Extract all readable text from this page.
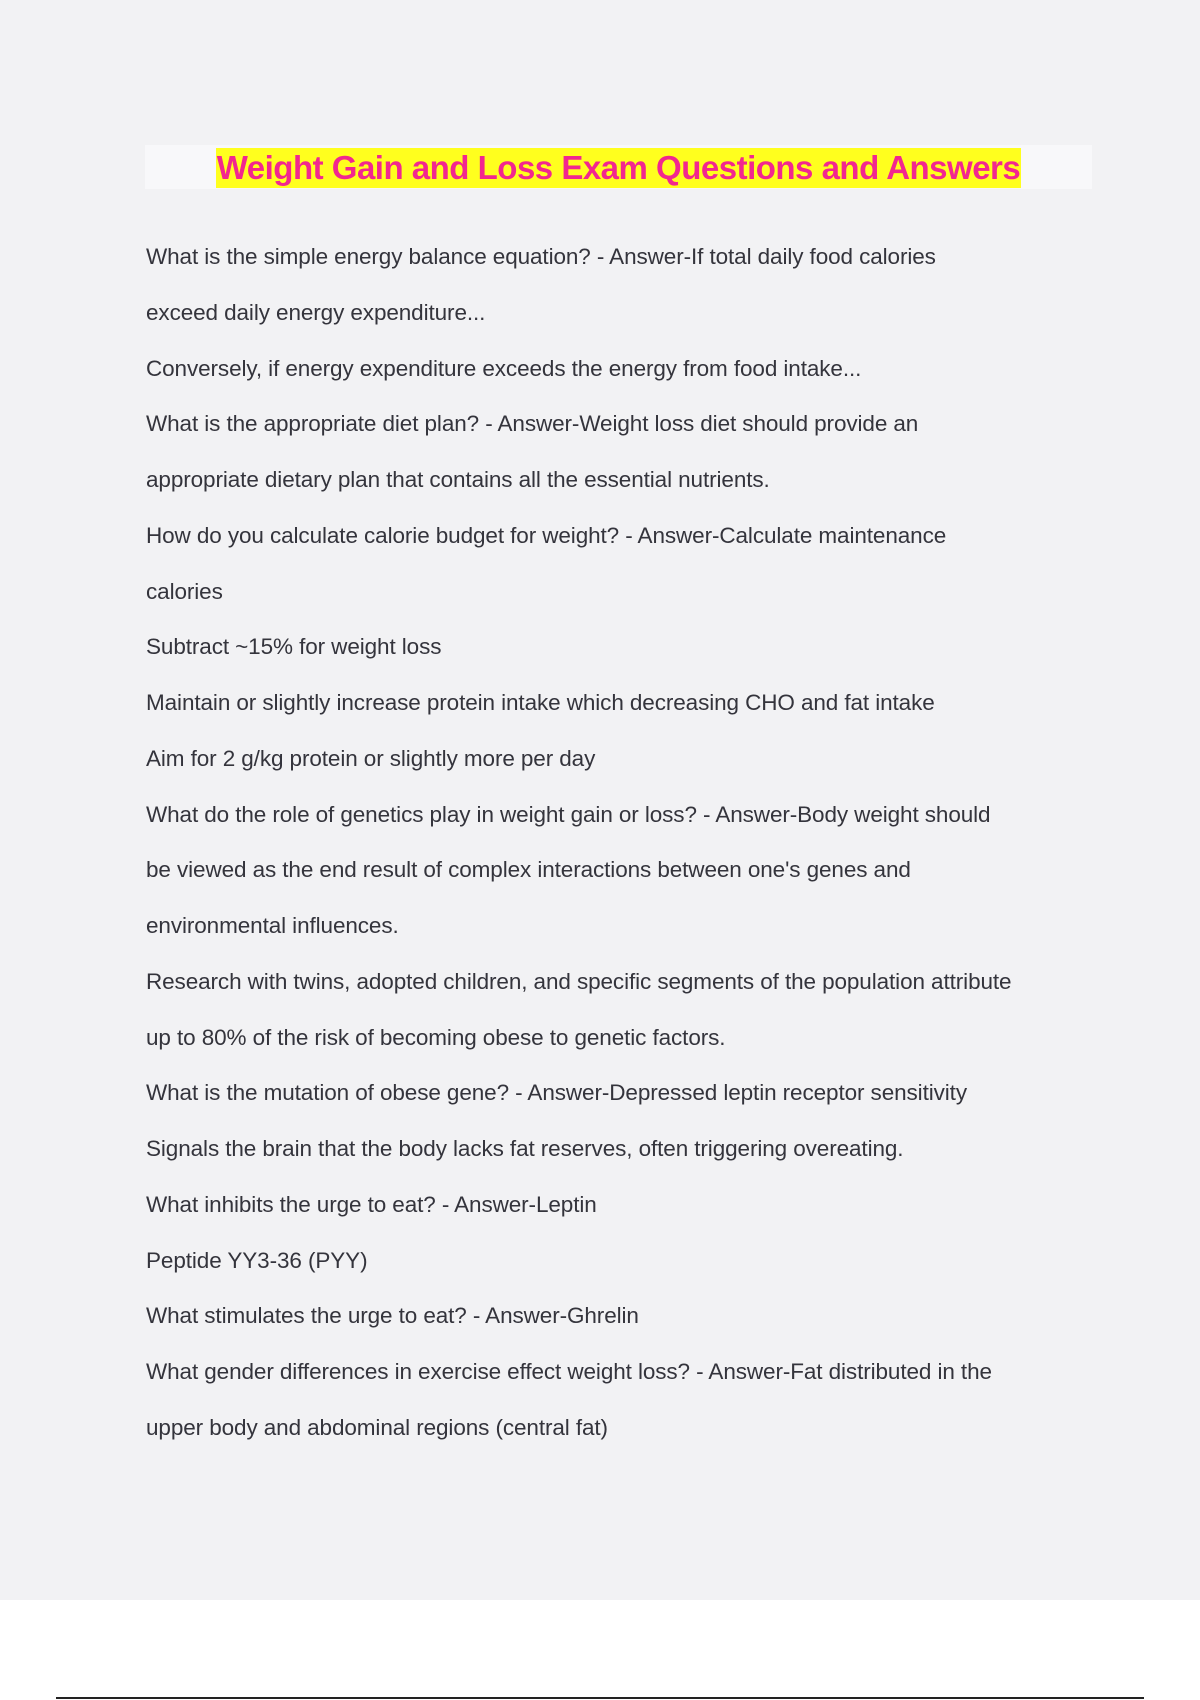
Weight Gain and Loss Exam Questions and Answers
What is the simple energy balance equation? - Answer-If total daily food calories
exceed daily energy expenditure...
Conversely, if energy expenditure exceeds the energy from food intake...
What is the appropriate diet plan? - Answer-Weight loss diet should provide an
appropriate dietary plan that contains all the essential nutrients.
How do you calculate calorie budget for weight? - Answer-Calculate maintenance
calories
Subtract ~15% for weight loss
Maintain or slightly increase protein intake which decreasing CHO and fat intake
Aim for 2 g/kg protein or slightly more per day
What do the role of genetics play in weight gain or loss? - Answer-Body weight should
be viewed as the end result of complex interactions between one's genes and
environmental influences.
Research with twins, adopted children, and specific segments of the population attribute
up to 80% of the risk of becoming obese to genetic factors.
What is the mutation of obese gene? - Answer-Depressed leptin receptor sensitivity
Signals the brain that the body lacks fat reserves, often triggering overeating.
What inhibits the urge to eat? - Answer-Leptin
Peptide YY3-36 (PYY)
What stimulates the urge to eat? - Answer-Ghrelin
What gender differences in exercise effect weight loss? - Answer-Fat distributed in the
upper body and abdominal regions (central fat)
